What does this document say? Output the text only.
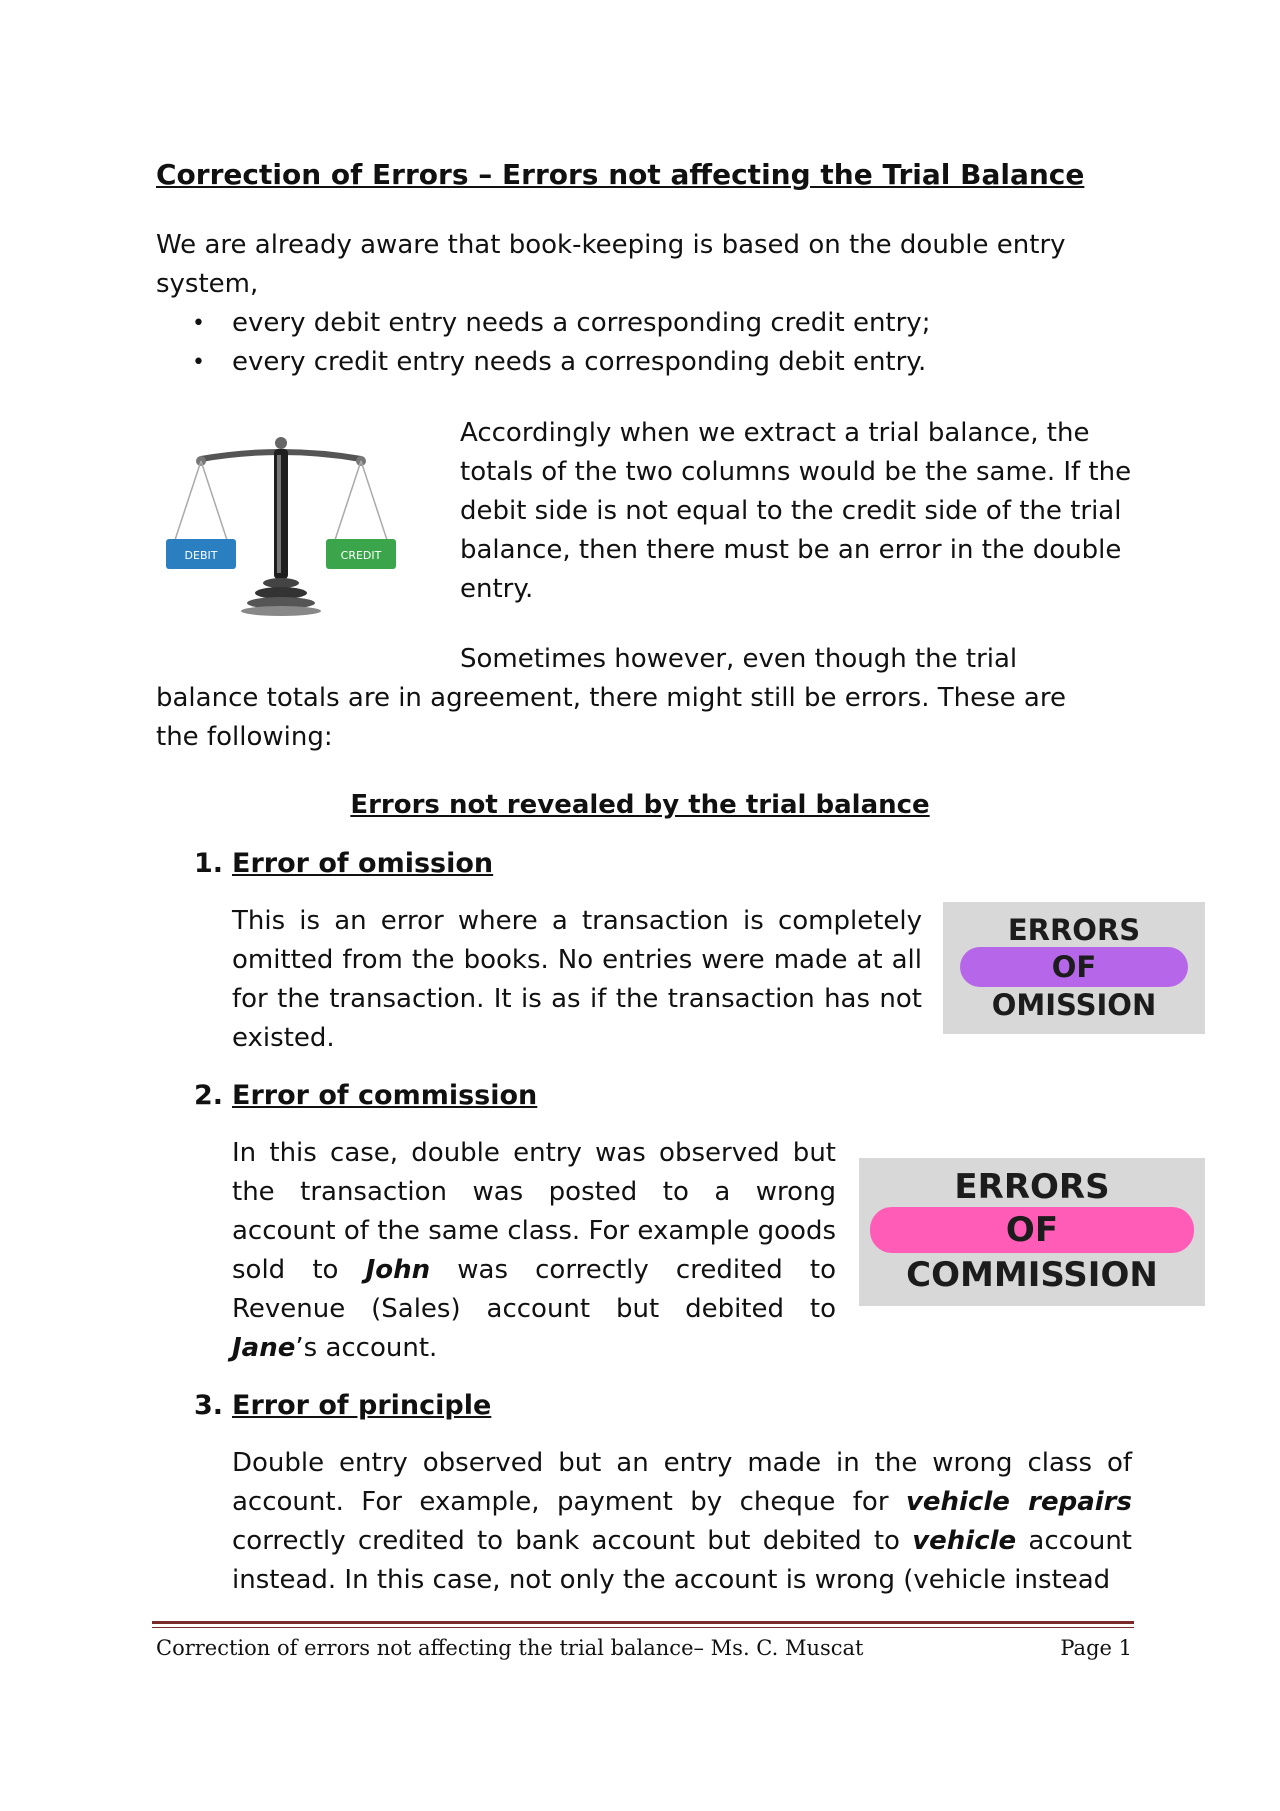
Correction of Errors – Errors not affecting the Trial Balance
We are already aware that book-keeping is based on the double entry system,
• every debit entry needs a corresponding credit entry;
• every credit entry needs a corresponding debit entry.
DEBIT	CREDIT
Accordingly when we extract a trial balance, the totals of the two columns would be the same. If the debit side is not equal to the credit side of the trial balance, then there must be an error in the double entry.
Sometimes however, even though the trial balance totals are in agreement, there might still be errors. These are the following:
Errors not revealed by the trial balance
1. Error of omission
This is an error where a transaction is completely omitted from the books. No entries were made at all for the transaction. It is as if the transaction has not existed.
ERRORS
OF
OMISSION
2. Error of commission
In this case, double entry was observed but the transaction was posted to a wrong account of the same class. For example goods sold to John was correctly credited to Revenue (Sales) account but debited to Jane’s account.
ERRORS
OF
COMMISSION
3. Error of principle
Double entry observed but an entry made in the wrong class of account. For example, payment by cheque for vehicle repairs correctly credited to bank account but debited to vehicle account instead. In this case, not only the account is wrong (vehicle instead
Correction of errors not affecting the trial balance– Ms. C. Muscat	Page 1
